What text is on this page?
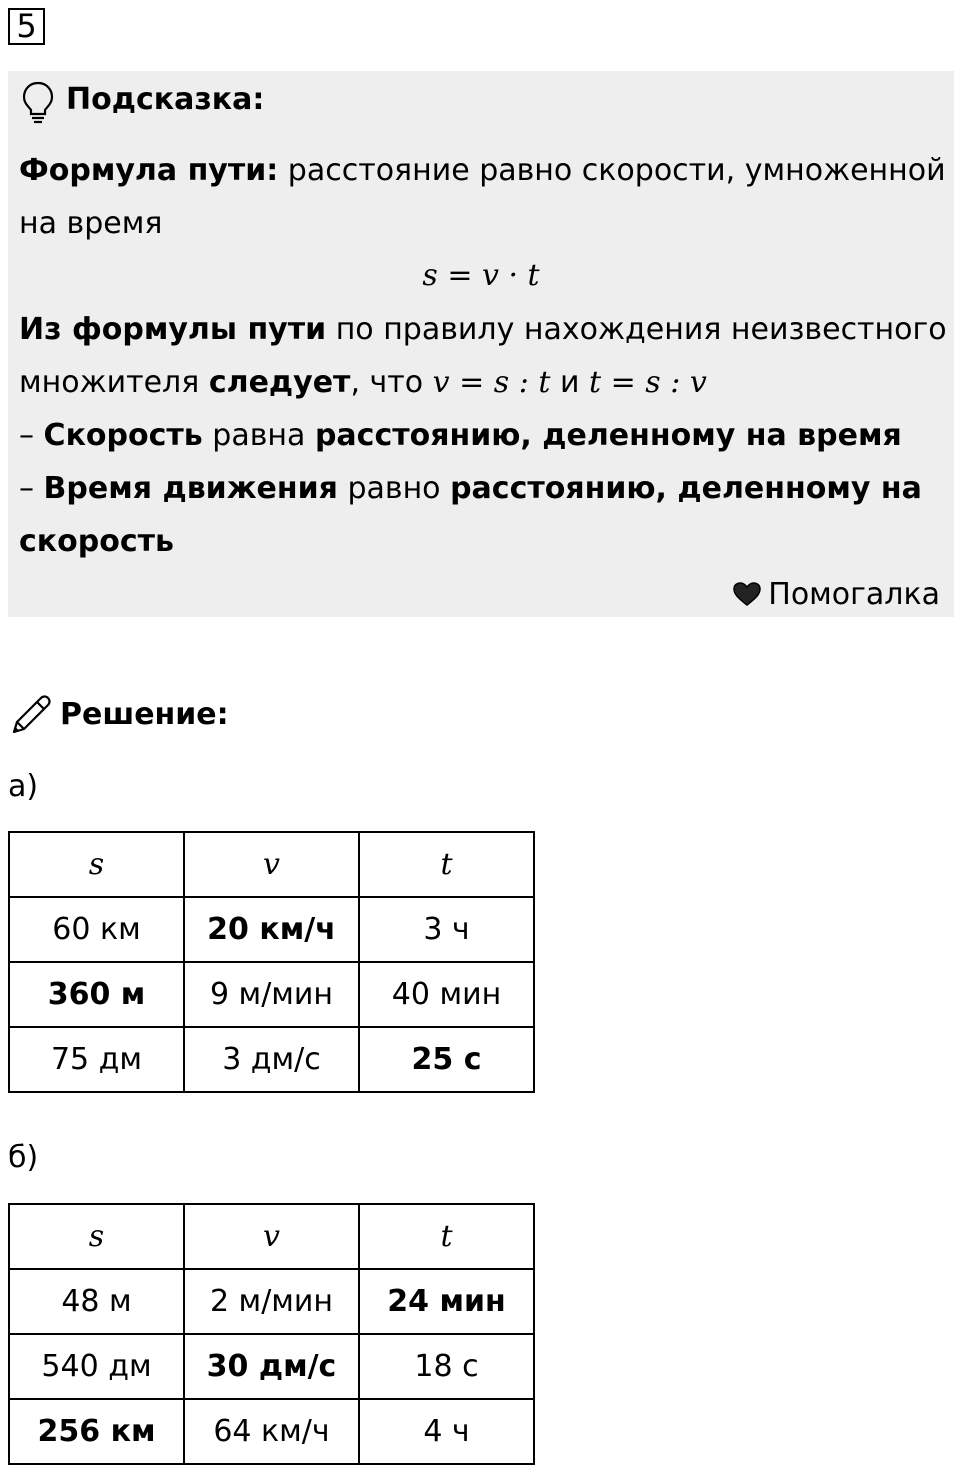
5
Подсказка:
Формула пути: расстояние равно скорости, умноженной
на время
s = v · t
Из формулы пути по правилу нахождения неизвестного
множителя следует, что v = s : t и t = s : v
– Скорость равна расстоянию, деленному на время
– Время движения равно расстоянию, деленному на
скорость
Помогалка
Решение:
а)
s	v	t
60 км	20 км/ч	3 ч
360 м	9 м/мин	40 мин
75 дм	3 дм/с	25 с
б)
s	v	t
48 м	2 м/мин	24 мин
540 дм	30 дм/с	18 с
256 км	64 км/ч	4 ч
